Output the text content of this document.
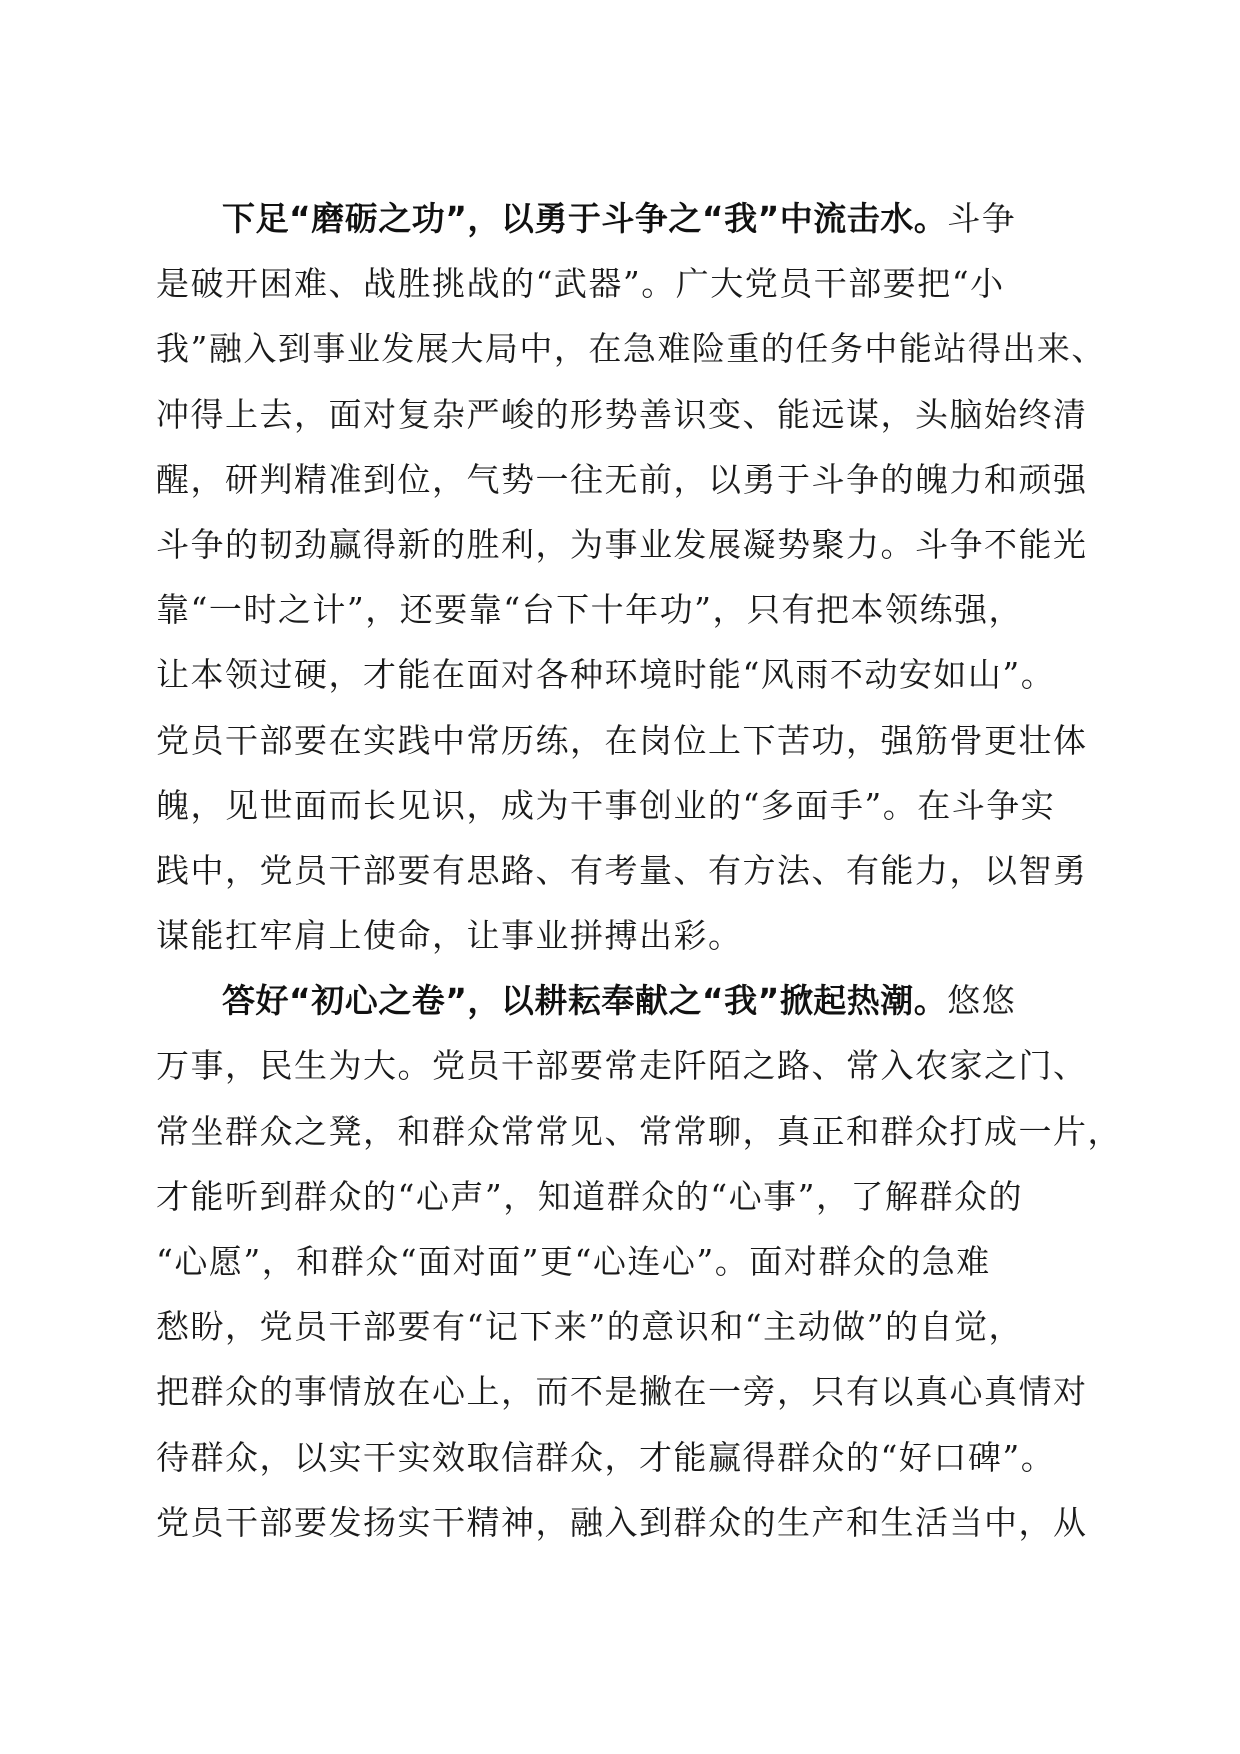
下足“磨砺之功”，以勇于斗争之“我”中流击水。斗争
是破开困难、战胜挑战的“武器”。广大党员干部要把“小
我”融入到事业发展大局中，在急难险重的任务中能站得出来、
冲得上去，面对复杂严峻的形势善识变、能远谋，头脑始终清
醒，研判精准到位，气势一往无前，以勇于斗争的魄力和顽强
斗争的韧劲赢得新的胜利，为事业发展凝势聚力。斗争不能光
靠“一时之计”，还要靠“台下十年功”，只有把本领练强，
让本领过硬，才能在面对各种环境时能“风雨不动安如山”。
党员干部要在实践中常历练，在岗位上下苦功，强筋骨更壮体
魄，见世面而长见识，成为干事创业的“多面手”。在斗争实
践中，党员干部要有思路、有考量、有方法、有能力，以智勇
谋能扛牢肩上使命，让事业拼搏出彩。
答好“初心之卷”，以耕耘奉献之“我”掀起热潮。悠悠
万事，民生为大。党员干部要常走阡陌之路、常入农家之门、
常坐群众之凳，和群众常常见、常常聊，真正和群众打成一片，
才能听到群众的“心声”，知道群众的“心事”，了解群众的
“心愿”，和群众“面对面”更“心连心”。面对群众的急难
愁盼，党员干部要有“记下来”的意识和“主动做”的自觉，
把群众的事情放在心上，而不是撇在一旁，只有以真心真情对
待群众，以实干实效取信群众，才能赢得群众的“好口碑”。
党员干部要发扬实干精神，融入到群众的生产和生活当中，从
